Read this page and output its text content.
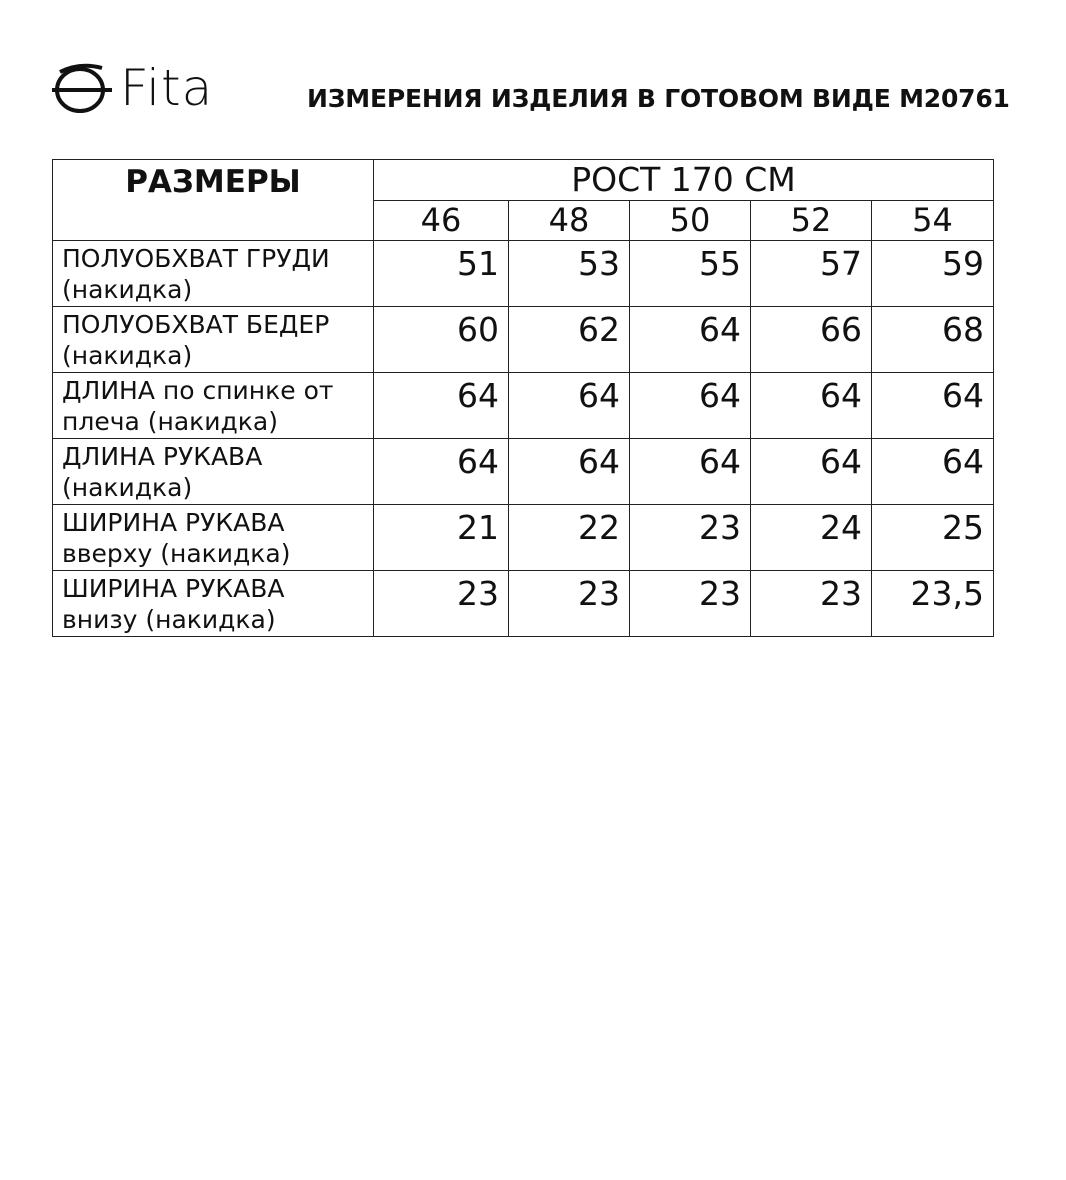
Fita	ИЗМЕРЕНИЯ ИЗДЕЛИЯ В ГОТОВОМ ВИДЕ M20761
РАЗМЕРЫ	РОСТ 170 СМ				
	46	48	50	52	54
ПОЛУОБХВАТ ГРУДИ
(накидка)	51	53	55	57	59
ПОЛУОБХВАТ БЕДЕР
(накидка)	60	62	64	66	68
ДЛИНА по спинке от
плеча (накидка)	64	64	64	64	64
ДЛИНА РУКАВА
(накидка)	64	64	64	64	64
ШИРИНА РУКАВА
вверху (накидка)	21	22	23	24	25
ШИРИНА РУКАВА
внизу (накидка)	23	23	23	23	23,5
